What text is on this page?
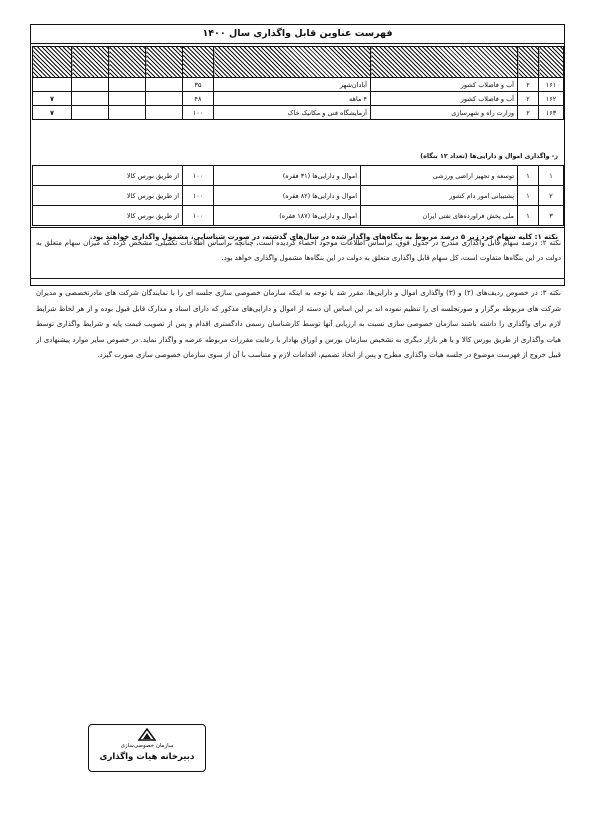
فهرست عناوین قابل واگذاری سال ۱۴۰۰

۱۶۱	۲	آب و فاضلاب کشور	آبادان‌شهر	۳۵				
۱۶۲	۲	آب و فاضلاب کشور	۴ ماهه	۴۸				۷
۱۶۳	۲	وزارت راه و شهرسازی	آزمایشگاه فنی و مکانیک خاک	۱۰۰				۷
ز- واگذاری اموال و دارایی‌ها (تعداد ۱۲ بنگاه)
۱	۱	توسعه و تجهیز اراضی ورزشی	اموال و دارایی‌ها (۳۱ فقره)	۱۰۰	از طریق بورس کالا
۲	۱	پشتیبانی امور دام کشور	اموال و دارایی‌ها (۸۲ فقره)	۱۰۰	از طریق بورس کالا
۳	۱	ملی پخش فراورده‌های نفتی ایران	اموال و دارایی‌ها (۱۸۷ فقره)	۱۰۰	از طریق بورس کالا
نکته ۱: کلیه سهام خرد زیر ۵ درصد مربوط به بنگاه‌های واگذار شده در سال‌های گذشته، در صورت شناسایی، مشمول واگذاری خواهند بود.
نکته ۲: درصد سهام قابل واگذاری مندرج در جدول فوق، براساس اطلاعات موجود احصاء گردیده است، چنانچه براساس اطلاعات تکمیلی، مشخص گردد که میزان سهام متعلق به دولت در این بنگاه‌ها متفاوت است، کل سهام قابل واگذاری متعلق به دولت در این بنگاه‌ها مشمول واگذاری خواهد بود.
نکته ۳: در خصوص ردیف‌های (۲) و (۳) واگذاری اموال و دارایی‌ها، مقرر شد با توجه به اینکه سازمان خصوصی سازی جلسه ای را با نمایندگان شرکت های مادرتخصصی و مدیران شرکت های مربوطه برگزار و صورتجلسه ای را تنظیم نموده اند بر این اساس آن دسته از اموال و دارایی‌های مذکور که دارای اسناد و مدارک قابل قبول بوده و از هر لحاظ شرایط لازم برای واگذاری را داشته باشند سازمان خصوصی سازی نسبت به ارزیابی آنها توسط کارشناسان رسمی دادگستری اقدام و پس از تصویب قیمت پایه و شرایط واگذاری توسط هیات واگذاری از طریق بورس کالا و یا هر بازار دیگری به تشخیص سازمان بورس و اوراق بهادار با رعایت مقررات مربوطه عرضه و واگذار نماید. در خصوص سایر موارد پیشنهادی از قبیل خروج از فهرست موضوع در جلسه هیات واگذاری مطرح و پس از اتخاذ تصمیم، اقدامات لازم و متناسب با آن از سوی سازمان خصوصی سازی صورت گیرد.
سازمان خصوصی‌سازی
دبیرخانه هیات واگذاری
